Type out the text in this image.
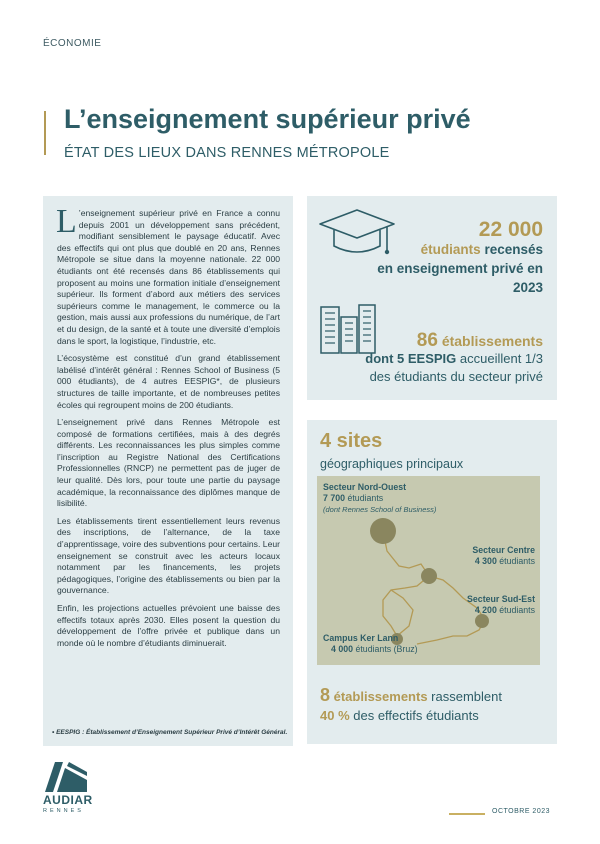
ÉCONOMIE
L’enseignement supérieur privé
ÉTAT DES LIEUX DANS RENNES MÉTROPOLE

L ’enseignement supérieur privé en France a connu depuis 2001 un développement sans précédent, modifiant sensiblement le paysage éducatif. Avec des effectifs qui ont plus que doublé en 20 ans, Rennes Métropole se situe dans la moyenne nationale. 22 000 étudiants ont été recensés dans 86 établissements qui proposent au moins une formation initiale d’enseignement supérieur. Ils forment d’abord aux métiers des services supérieurs comme le management, le commerce ou la gestion, mais aussi aux professions du numérique, de l’art et du design, de la santé et à toute une diversité d’emplois dans le sport, la logistique, l’industrie, etc.

L’écosystème est constitué d’un grand établissement labélisé d’intérêt général : Rennes School of Business (5 000 étudiants), de 4 autres EESPIG*, de plusieurs structures de taille importante, et de nombreuses petites écoles qui regroupent moins de 200 étudiants.

L’enseignement privé dans Rennes Métropole est composé de formations certifiées, mais à des degrés différents. Les reconnaissances les plus simples comme l’inscription au Registre National des Certifications Professionnelles (RNCP) ne permettent pas de juger de leur qualité. Dès lors, pour toute une partie du paysage académique, la reconnaissance des diplômes manque de lisibilité.

Les établissements tirent essentiellement leurs revenus des inscriptions, de l’alternance, de la taxe d’apprentissage, voire des subventions pour certains. Leur enseignement se construit avec les acteurs locaux notamment par les financements, les projets pédagogiques, l’origine des établissements ou bien par la gouvernance.

Enfin, les projections actuelles prévoient une baisse des effectifs totaux après 2030. Elles posent la question du développement de l’offre privée et publique dans un monde où le nombre d’étudiants diminuerait.

• EESPIG : Établissement d’Enseignement Supérieur Privé d’Intérêt Général.
22 000
étudiants recensés
en enseignement privé en
2023
86 établissements
dont 5 EESPIG accueillent 1/3
des étudiants du secteur privé
4 sites
géographiques principaux
Secteur Nord-Ouest
7 700 étudiants
(dont Rennes School of Business)
Secteur Centre
4 300 étudiants
Secteur Sud-Est
4 200 étudiants
Campus Ker Lann
4 000 étudiants (Bruz)
8 établissements rassemblent
40 % des effectifs étudiants
AUDIAR
RENNES	OCTOBRE 2023
